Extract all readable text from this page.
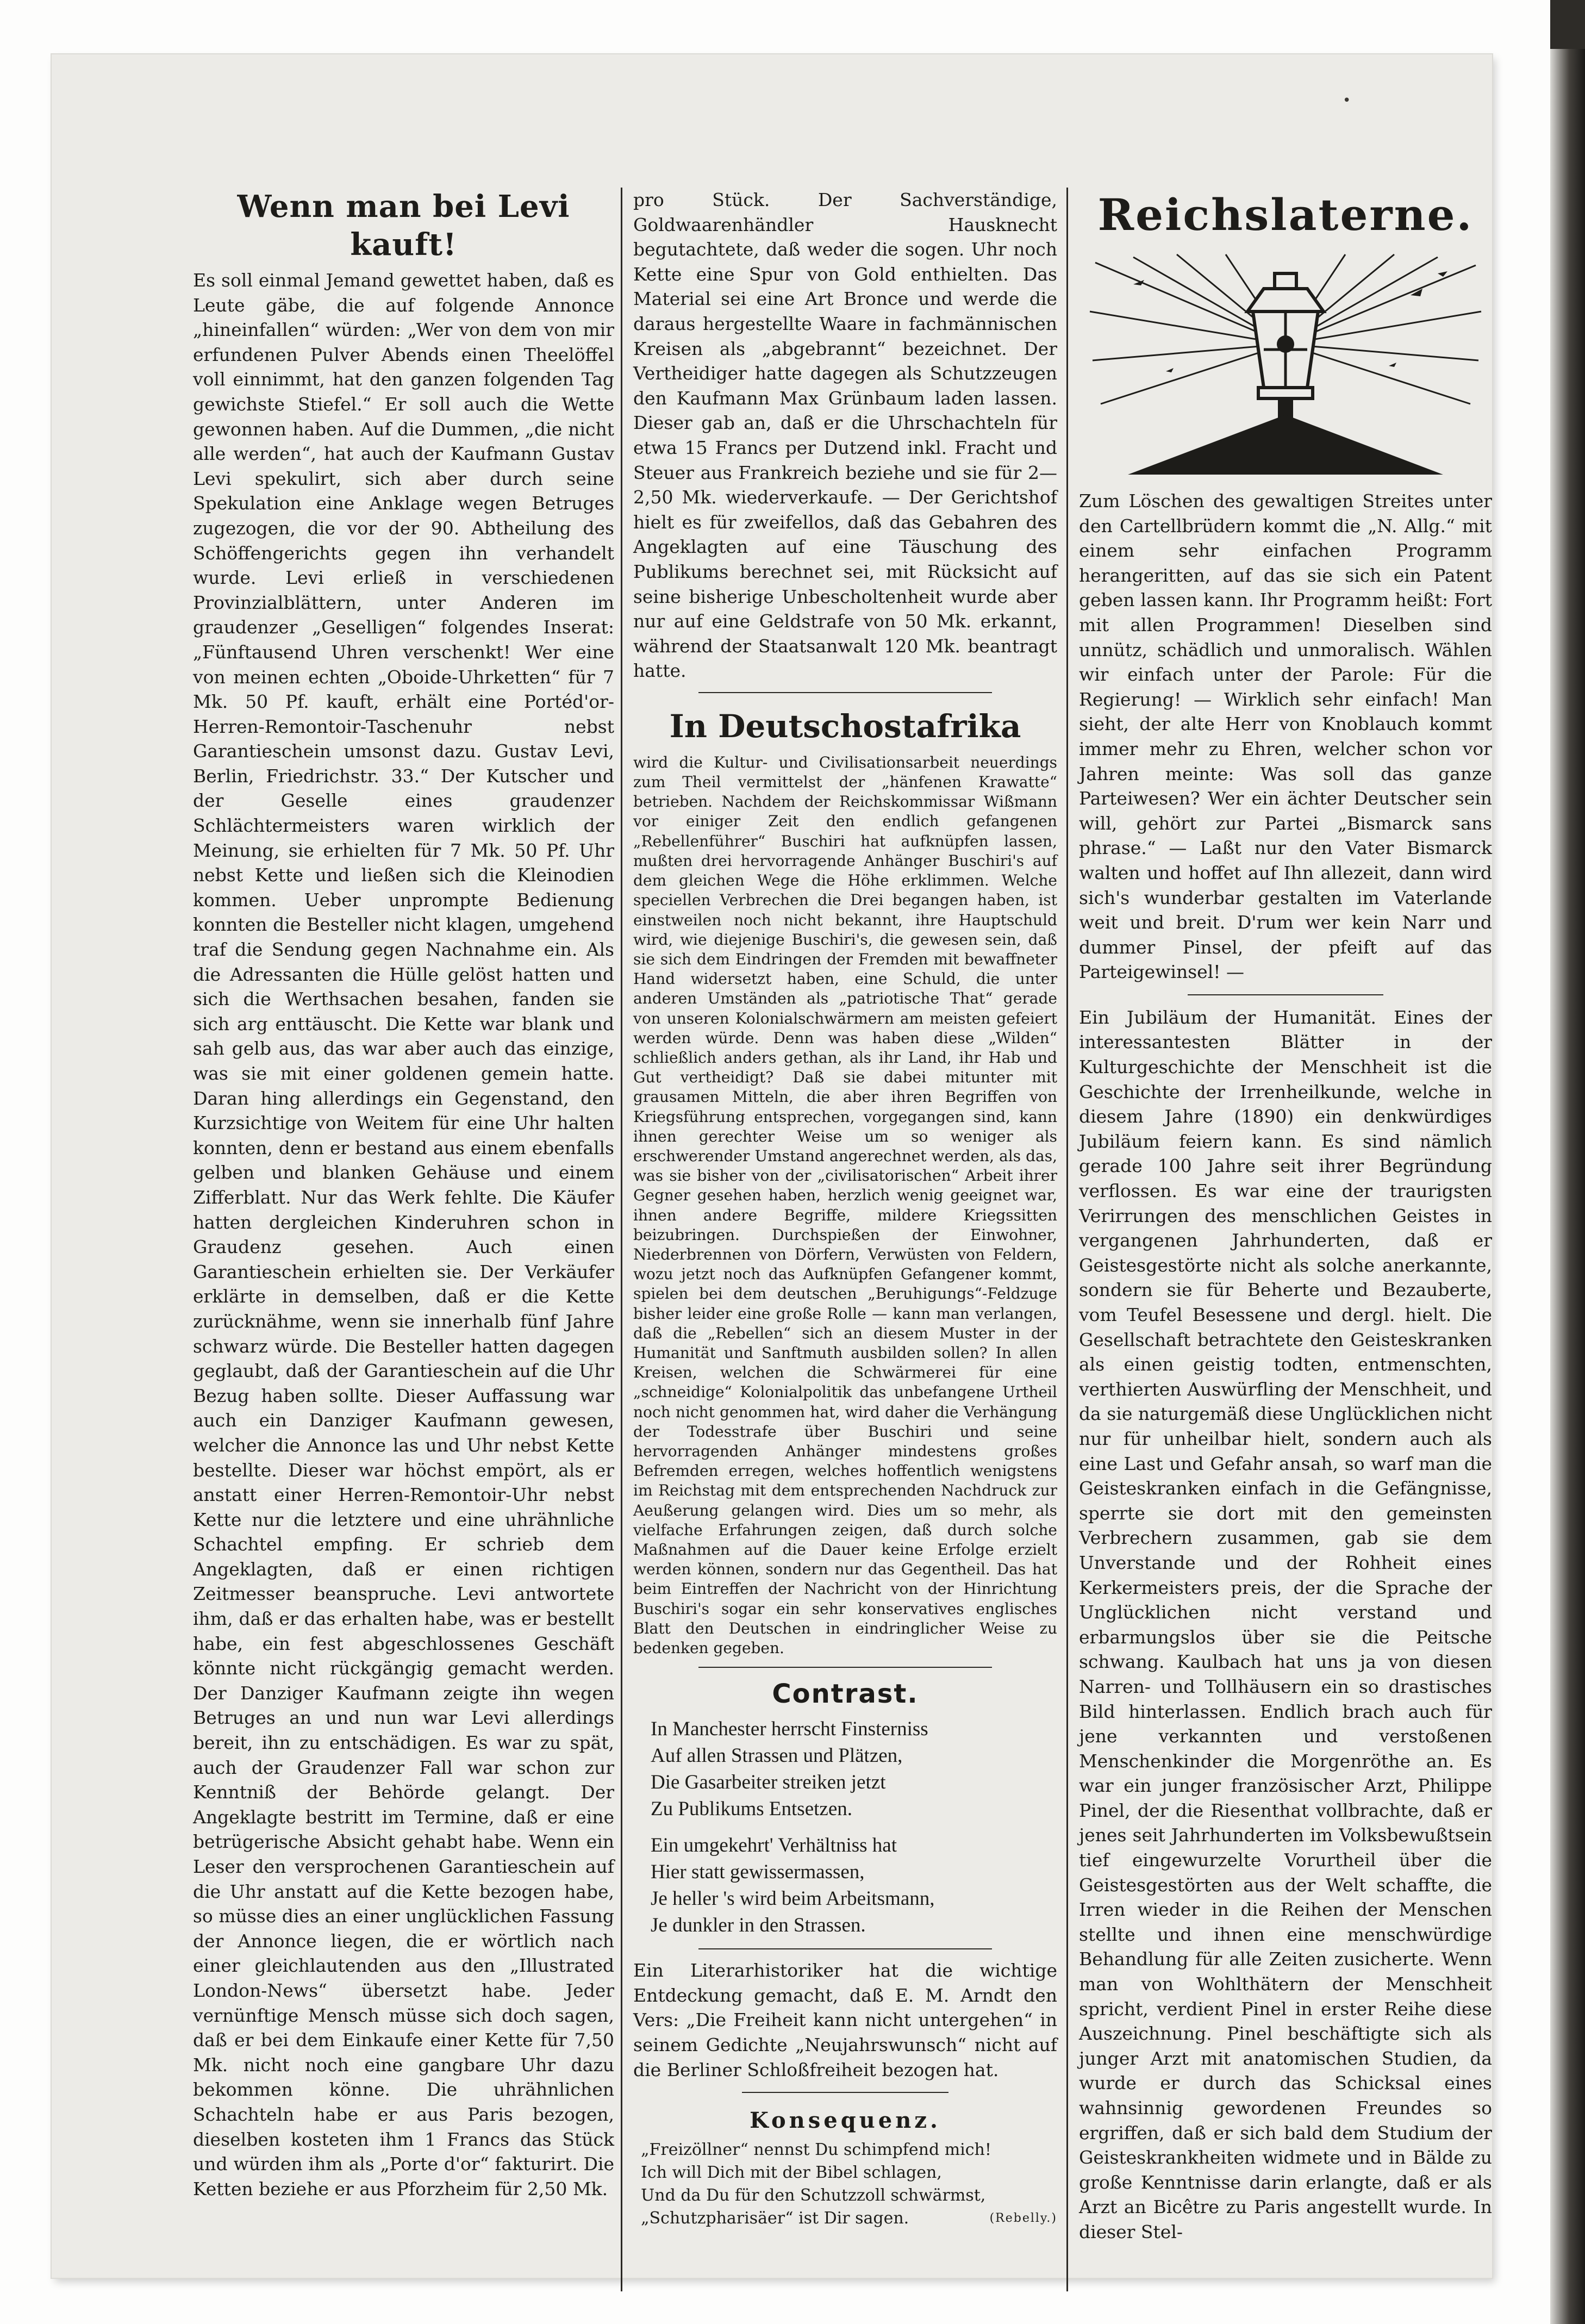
•
Wenn man bei Levi kauft!

Es soll einmal Jemand gewettet haben, daß es Leute gäbe, die auf folgende Annonce „hineinfallen“ würden: „Wer von dem von mir erfundenen Pulver Abends einen Theelöffel voll einnimmt, hat den ganzen folgenden Tag gewichste Stiefel.“ Er soll auch die Wette gewonnen haben. Auf die Dummen, „die nicht alle werden“, hat auch der Kaufmann Gustav Levi spekulirt, sich aber durch seine Spekulation eine Anklage wegen Betruges zugezogen, die vor der 90. Abtheilung des Schöffengerichts gegen ihn verhandelt wurde. Levi erließ in verschiedenen Provinzialblättern, unter Anderen im graudenzer „Geselligen“ folgendes Inserat: „Fünftausend Uhren verschenkt! Wer eine von meinen echten „Oboide-Uhrketten“ für 7 Mk. 50 Pf. kauft, erhält eine Portéd'or-Herren-Remontoir-Taschenuhr nebst Garantieschein umsonst dazu. Gustav Levi, Berlin, Friedrichstr. 33.“ Der Kutscher und der Geselle eines graudenzer Schlächtermeisters waren wirklich der Meinung, sie erhielten für 7 Mk. 50 Pf. Uhr nebst Kette und ließen sich die Kleinodien kommen. Ueber unprompte Bedienung konnten die Besteller nicht klagen, umgehend traf die Sendung gegen Nachnahme ein. Als die Adressanten die Hülle gelöst hatten und sich die Werthsachen besahen, fanden sie sich arg enttäuscht. Die Kette war blank und sah gelb aus, das war aber auch das einzige, was sie mit einer goldenen gemein hatte. Daran hing allerdings ein Gegenstand, den Kurzsichtige von Weitem für eine Uhr halten konnten, denn er bestand aus einem ebenfalls gelben und blanken Gehäuse und einem Zifferblatt. Nur das Werk fehlte. Die Käufer hatten dergleichen Kinderuhren schon in Graudenz gesehen. Auch einen Garantieschein erhielten sie. Der Verkäufer erklärte in demselben, daß er die Kette zurücknähme, wenn sie innerhalb fünf Jahre schwarz würde. Die Besteller hatten dagegen geglaubt, daß der Garantieschein auf die Uhr Bezug haben sollte. Dieser Auffassung war auch ein Danziger Kaufmann gewesen, welcher die Annonce las und Uhr nebst Kette bestellte. Dieser war höchst empört, als er anstatt einer Herren-Remontoir-Uhr nebst Kette nur die letztere und eine uhrähnliche Schachtel empfing. Er schrieb dem Angeklagten, daß er einen richtigen Zeitmesser beanspruche. Levi antwortete ihm, daß er das erhalten habe, was er bestellt habe, ein fest abgeschlossenes Geschäft könnte nicht rückgängig gemacht werden. Der Danziger Kaufmann zeigte ihn wegen Betruges an und nun war Levi allerdings bereit, ihn zu entschädigen. Es war zu spät, auch der Graudenzer Fall war schon zur Kenntniß der Behörde gelangt. Der Angeklagte bestritt im Termine, daß er eine betrügerische Absicht gehabt habe. Wenn ein Leser den versprochenen Garantieschein auf die Uhr anstatt auf die Kette bezogen habe, so müsse dies an einer unglücklichen Fassung der Annonce liegen, die er wörtlich nach einer gleichlautenden aus den „Illustrated London-News“ übersetzt habe. Jeder vernünftige Mensch müsse sich doch sagen, daß er bei dem Einkaufe einer Kette für 7,50 Mk. nicht noch eine gangbare Uhr dazu bekommen könne. Die uhrähnlichen Schachteln habe er aus Paris bezogen, dieselben kosteten ihm 1 Francs das Stück und würden ihm als „Porte d'or“ fakturirt. Die Ketten beziehe er aus Pforzheim für 2,50 Mk.

pro Stück. Der Sachverständige, Goldwaarenhändler Hausknecht begutachtete, daß weder die sogen. Uhr noch Kette eine Spur von Gold enthielten. Das Material sei eine Art Bronce und werde die daraus hergestellte Waare in fachmännischen Kreisen als „abgebrannt“ bezeichnet. Der Vertheidiger hatte dagegen als Schutzzeugen den Kaufmann Max Grünbaum laden lassen. Dieser gab an, daß er die Uhrschachteln für etwa 15 Francs per Dutzend inkl. Fracht und Steuer aus Frankreich beziehe und sie für 2—2,50 Mk. wiederverkaufe. — Der Gerichtshof hielt es für zweifellos, daß das Gebahren des Angeklagten auf eine Täuschung des Publikums berechnet sei, mit Rücksicht auf seine bisherige Unbescholtenheit wurde aber nur auf eine Geldstrafe von 50 Mk. erkannt, während der Staatsanwalt 120 Mk. beantragt hatte.

In Deutschostafrika

wird die Kultur- und Civilisationsarbeit neuerdings zum Theil vermittelst der „hänfenen Krawatte“ betrieben. Nachdem der Reichskommissar Wißmann vor einiger Zeit den endlich gefangenen „Rebellenführer“ Buschiri hat aufknüpfen lassen, mußten drei hervorragende Anhänger Buschiri's auf dem gleichen Wege die Höhe erklimmen. Welche speciellen Verbrechen die Drei begangen haben, ist einstweilen noch nicht bekannt, ihre Hauptschuld wird, wie diejenige Buschiri's, die gewesen sein, daß sie sich dem Eindringen der Fremden mit bewaffneter Hand widersetzt haben, eine Schuld, die unter anderen Umständen als „patriotische That“ gerade von unseren Kolonialschwärmern am meisten gefeiert werden würde. Denn was haben diese „Wilden“ schließlich anders gethan, als ihr Land, ihr Hab und Gut vertheidigt? Daß sie dabei mitunter mit grausamen Mitteln, die aber ihren Begriffen von Kriegsführung entsprechen, vorgegangen sind, kann ihnen gerechter Weise um so weniger als erschwerender Umstand angerechnet werden, als das, was sie bisher von der „civilisatorischen“ Arbeit ihrer Gegner gesehen haben, herzlich wenig geeignet war, ihnen andere Begriffe, mildere Kriegssitten beizubringen. Durchspießen der Einwohner, Niederbrennen von Dörfern, Verwüsten von Feldern, wozu jetzt noch das Aufknüpfen Gefangener kommt, spielen bei dem deutschen „Beruhigungs“-Feldzuge bisher leider eine große Rolle — kann man verlangen, daß die „Rebellen“ sich an diesem Muster in der Humanität und Sanftmuth ausbilden sollen? In allen Kreisen, welchen die Schwärmerei für eine „schneidige“ Kolonialpolitik das unbefangene Urtheil noch nicht genommen hat, wird daher die Verhängung der Todesstrafe über Buschiri und seine hervorragenden Anhänger mindestens großes Befremden erregen, welches hoffentlich wenigstens im Reichstag mit dem entsprechenden Nachdruck zur Aeußerung gelangen wird. Dies um so mehr, als vielfache Erfahrungen zeigen, daß durch solche Maßnahmen auf die Dauer keine Erfolge erzielt werden können, sondern nur das Gegentheil. Das hat beim Eintreffen der Nachricht von der Hinrichtung Buschiri's sogar ein sehr konservatives englisches Blatt den Deutschen in eindringlicher Weise zu bedenken gegeben.

Contrast.
In Manchester herrscht Finsterniss
Auf allen Strassen und Plätzen,
Die Gasarbeiter streiken jetzt
Zu Publikums Entsetzen.
Ein umgekehrt' Verhältniss hat
Hier statt gewissermassen,
Je heller 's wird beim Arbeitsmann,
Je dunkler in den Strassen.

Ein Literarhistoriker hat die wichtige Entdeckung gemacht, daß E. M. Arndt den Vers: „Die Freiheit kann nicht untergehen“ in seinem Gedichte „Neujahrswunsch“ nicht auf die Berliner Schloßfreiheit bezogen hat.

Konsequenz.
„Freizöllner“ nennst Du schimpfend mich!
Ich will Dich mit der Bibel schlagen,
Und da Du für den Schutzzoll schwärmst,
„Schutzpharisäer“ ist Dir sagen.	(Rebelly.)
Reichslaterne.

Zum Löschen des gewaltigen Streites unter den Cartellbrüdern kommt die „N. Allg.“ mit einem sehr einfachen Programm herangeritten, auf das sie sich ein Patent geben lassen kann. Ihr Programm heißt: Fort mit allen Programmen! Dieselben sind unnütz, schädlich und unmoralisch. Wählen wir einfach unter der Parole: Für die Regierung! — Wirklich sehr einfach! Man sieht, der alte Herr von Knoblauch kommt immer mehr zu Ehren, welcher schon vor Jahren meinte: Was soll das ganze Parteiwesen? Wer ein ächter Deutscher sein will, gehört zur Partei „Bismarck sans phrase.“ — Laßt nur den Vater Bismarck walten und hoffet auf Ihn allezeit, dann wird sich's wunderbar gestalten im Vaterlande weit und breit. D'rum wer kein Narr und dummer Pinsel, der pfeift auf das Parteigewinsel! —

Ein Jubiläum der Humanität. Eines der interessantesten Blätter in der Kulturgeschichte der Menschheit ist die Geschichte der Irrenheilkunde, welche in diesem Jahre (1890) ein denkwürdiges Jubiläum feiern kann. Es sind nämlich gerade 100 Jahre seit ihrer Begründung verflossen. Es war eine der traurigsten Verirrungen des menschlichen Geistes in vergangenen Jahrhunderten, daß er Geistesgestörte nicht als solche anerkannte, sondern sie für Beherte und Bezauberte, vom Teufel Besessene und dergl. hielt. Die Gesellschaft betrachtete den Geisteskranken als einen geistig todten, entmenschten, verthierten Auswürfling der Menschheit, und da sie naturgemäß diese Unglücklichen nicht nur für unheilbar hielt, sondern auch als eine Last und Gefahr ansah, so warf man die Geisteskranken einfach in die Gefängnisse, sperrte sie dort mit den gemeinsten Verbrechern zusammen, gab sie dem Unverstande und der Rohheit eines Kerkermeisters preis, der die Sprache der Unglücklichen nicht verstand und erbarmungslos über sie die Peitsche schwang. Kaulbach hat uns ja von diesen Narren- und Tollhäusern ein so drastisches Bild hinterlassen. Endlich brach auch für jene verkannten und verstoßenen Menschenkinder die Morgenröthe an. Es war ein junger französischer Arzt, Philippe Pinel, der die Riesenthat vollbrachte, daß er jenes seit Jahrhunderten im Volksbewußtsein tief eingewurzelte Vorurtheil über die Geistesgestörten aus der Welt schaffte, die Irren wieder in die Reihen der Menschen stellte und ihnen eine menschwürdige Behandlung für alle Zeiten zusicherte. Wenn man von Wohlthätern der Menschheit spricht, verdient Pinel in erster Reihe diese Auszeichnung. Pinel beschäftigte sich als junger Arzt mit anatomischen Studien, da wurde er durch das Schicksal eines wahnsinnig gewordenen Freundes so ergriffen, daß er sich bald dem Studium der Geisteskrankheiten widmete und in Bälde zu große Kenntnisse darin erlangte, daß er als Arzt an Bicêtre zu Paris angestellt wurde. In dieser Stel-
